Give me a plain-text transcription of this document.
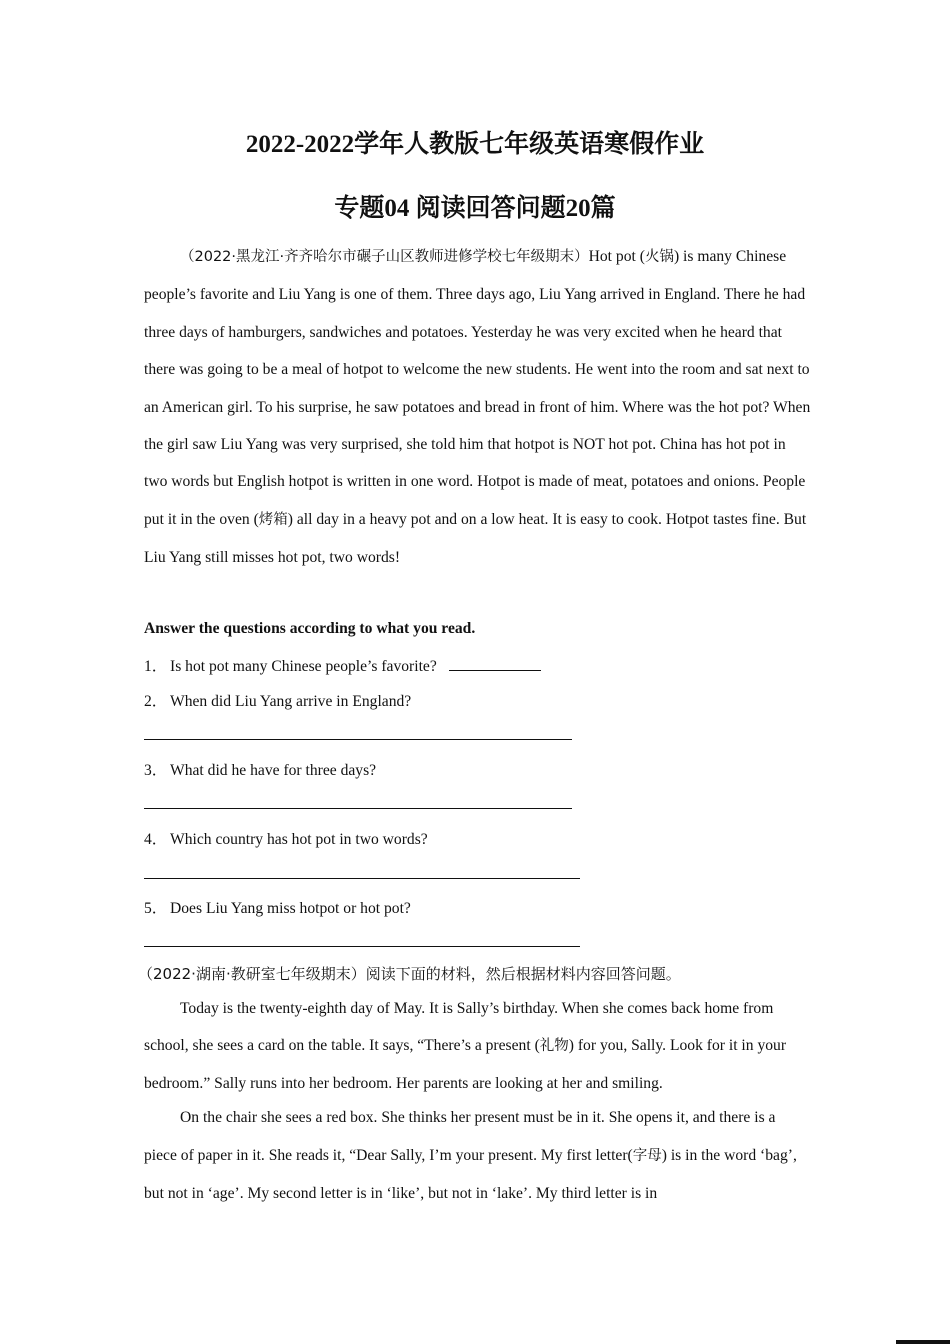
2022-2022学年人教版七年级英语寒假作业
专题04 阅读回答问题20篇

（2022·黑龙江·齐齐哈尔市碾子山区教师进修学校七年级期末）Hot pot (火锅) is many Chinese people’s favorite and Liu Yang is one of them. Three days ago, Liu Yang arrived in England. There he had three days of hamburgers, sandwiches and potatoes. Yesterday he was very excited when he heard that there was going to be a meal of hotpot to welcome the new students. He went into the room and sat next to an American girl. To his surprise, he saw potatoes and bread in front of him. Where was the hot pot? When the girl saw Liu Yang was very surprised, she told him that hotpot is NOT hot pot. China has hot pot in two words but English hotpot is written in one word. Hotpot is made of meat, potatoes and onions. People put it in the oven (烤箱) all day in a heavy pot and on a low heat. It is easy to cook. Hotpot tastes fine. But Liu Yang still misses hot pot, two words!

Answer the questions according to what you read.

1． Is hot pot many Chinese people’s favorite?

2． When did Liu Yang arrive in England?

3． What did he have for three days?

4． Which country has hot pot in two words?

5． Does Liu Yang miss hotpot or hot pot?

（2022·湖南·教研室七年级期末）阅读下面的材料，然后根据材料内容回答问题。

Today is the twenty-eighth day of May. It is Sally’s birthday. When she comes back home from school, she sees a card on the table. It says, “There’s a present (礼物) for you, Sally. Look for it in your bedroom.” Sally runs into her bedroom. Her parents are looking at her and smiling.

On the chair she sees a red box. She thinks her present must be in it. She opens it, and there is a piece of paper in it. She reads it, “Dear Sally, I’m your present. My first letter(字母) is in the word ‘bag’, but not in ‘age’. My second letter is in ‘like’, but not in ‘lake’. My third letter is in
